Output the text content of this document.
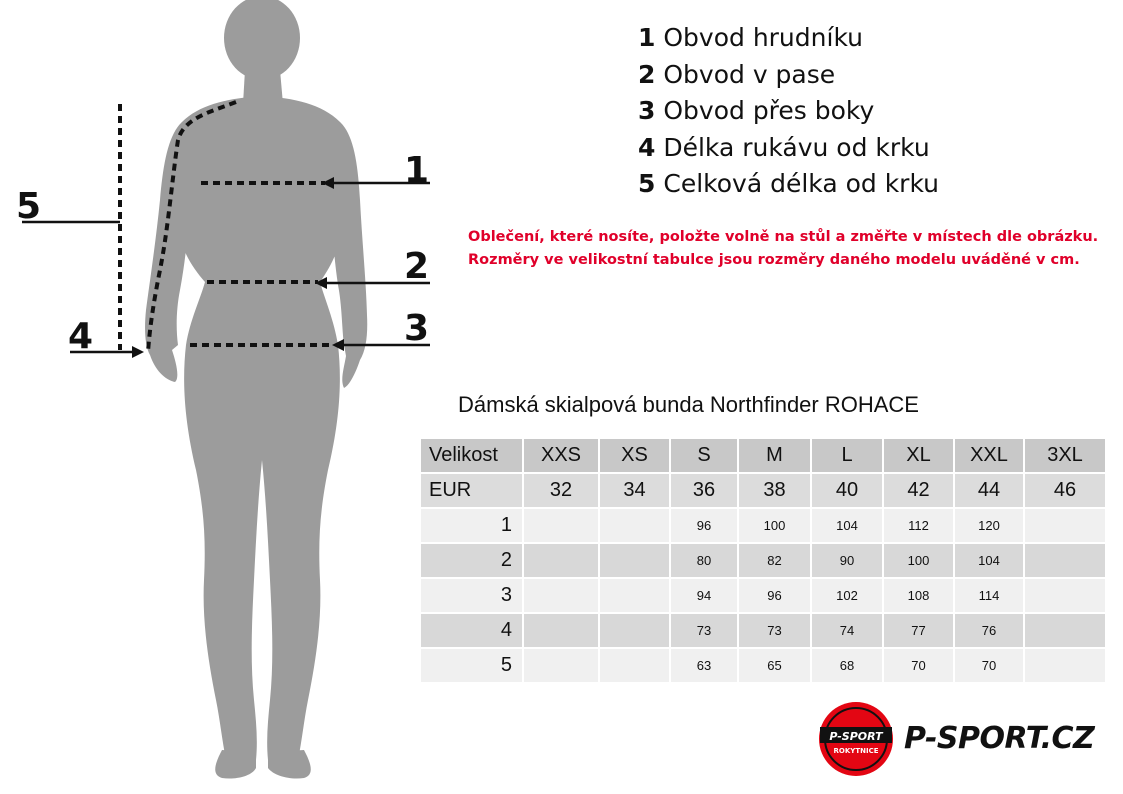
1
2
3
4
5
1 Obvod hrudníku
2 Obvod v pase
3 Obvod přes boky
4 Délka rukávu od krku
5 Celková délka od krku
Oblečení, které nosíte, položte volně na stůl a změřte v místech dle obrázku.
Rozměry ve velikostní tabulce jsou rozměry daného modelu uváděné v cm.
Dámská skialpová bunda Northfinder ROHACE
Velikost	XXS	XS	S	M	L	XL	XXL	3XL
EUR	32	34	36	38	40	42	44	46
1			96	100	104	112	120	
2			80	82	90	100	104	
3			94	96	102	108	114	
4			73	73	74	77	76	
5			63	65	68	70	70	
P-SPORT
ROKYTNICE P-SPORT.CZ
